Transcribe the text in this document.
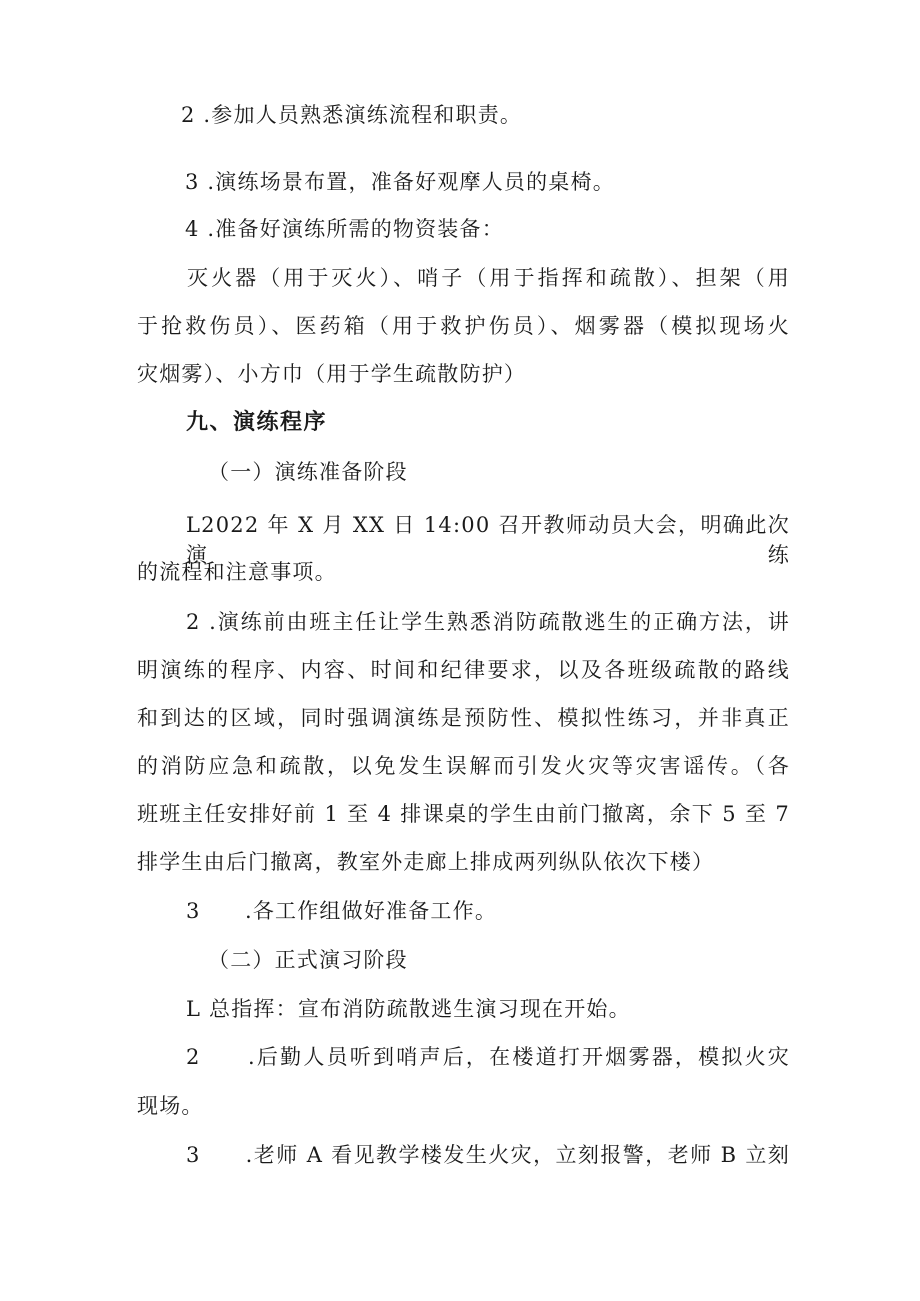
2 .参加人员熟悉演练流程和职责。
3 .演练场景布置，准备好观摩人员的桌椅。
4 .准备好演练所需的物资装备：
灭火器（用于灭火）、哨子（用于指挥和疏散）、担架（用
于抢救伤员）、医药箱（用于救护伤员）、烟雾器（模拟现场火
灾烟雾）、小方巾（用于学生疏散防护）
九、演练程序
（一）演练准备阶段
L2022 年 X 月 XX 日 14:00 召开教师动员大会，明确此次演练
的流程和注意事项。
2 .演练前由班主任让学生熟悉消防疏散逃生的正确方法，讲
明演练的程序、内容、时间和纪律要求，以及各班级疏散的路线
和到达的区域，同时强调演练是预防性、模拟性练习，并非真正
的消防应急和疏散，以免发生误解而引发火灾等灾害谣传。（各
班班主任安排好前 1 至 4 排课桌的学生由前门撤离，余下 5 至 7
排学生由后门撤离，教室外走廊上排成两列纵队依次下楼）
3　　.各工作组做好准备工作。
（二）正式演习阶段
L 总指挥：宣布消防疏散逃生演习现在开始。
2　　.后勤人员听到哨声后，在楼道打开烟雾器，模拟火灾
现场。
3　　.老师 A 看见教学楼发生火灾，立刻报警，老师 B 立刻
